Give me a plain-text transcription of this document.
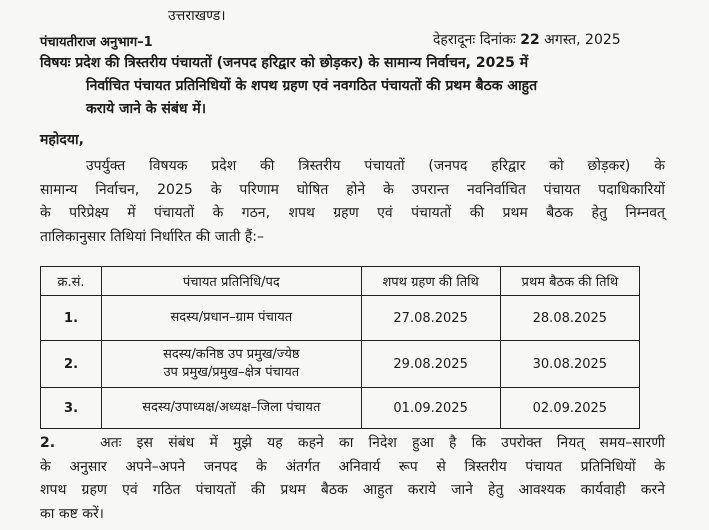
उत्तराखण्ड।
पंचायतीराज अनुभाग–1	देहरादूनः दिनांकः 22 अगस्त, 2025
विषयः प्रदेश की त्रिस्तरीय पंचायतों (जनपद हरिद्वार को छोड़कर) के सामान्य निर्वाचन, 2025 में
निर्वाचित पंचायत प्रतिनिधियों के शपथ ग्रहण एवं नवगठित पंचायतों की प्रथम बैठक आहुत
कराये जाने के संबंध में।
महोदया,
उपर्युक्त विषयक प्रदेश की त्रिस्तरीय पंचायतों (जनपद हरिद्वार को छोड़कर) के
सामान्य निर्वाचन, 2025 के परिणाम घोषित होने के उपरान्त नवनिर्वाचित पंचायत पदाधिकारियों
के परिप्रेक्ष्य में पंचायतों के गठन, शपथ ग्रहण एवं पंचायतों की प्रथम बैठक हेतु निम्नवत्
तालिकानुसार तिथियां निर्धारित की जाती हैं:–
क्र.सं.	पंचायत प्रतिनिधि/पद	शपथ ग्रहण की तिथि	प्रथम बैठक की तिथि
1.	सदस्य/प्रधान–ग्राम पंचायत	27.08.2025	28.08.2025
2.	सदस्य/कनिष्ठ उप प्रमुख/ज्येष्ठ
उप प्रमुख/प्रमुख–क्षेत्र पंचायत	29.08.2025	30.08.2025
3.	सदस्य/उपाध्यक्ष/अध्यक्ष–जिला पंचायत	01.09.2025	02.09.2025
2.	अतः इस संबंध में मुझे यह कहने का निदेश हुआ है कि उपरोक्त नियत् समय–सारणी
के अनुसार अपने–अपने जनपद के अंतर्गत अनिवार्य रूप से त्रिस्तरीय पंचायत प्रतिनिधियों के
शपथ ग्रहण एवं गठित पंचायतों की प्रथम बैठक आहुत कराये जाने हेतु आवश्यक कार्यवाही करने
का कष्ट करें।
